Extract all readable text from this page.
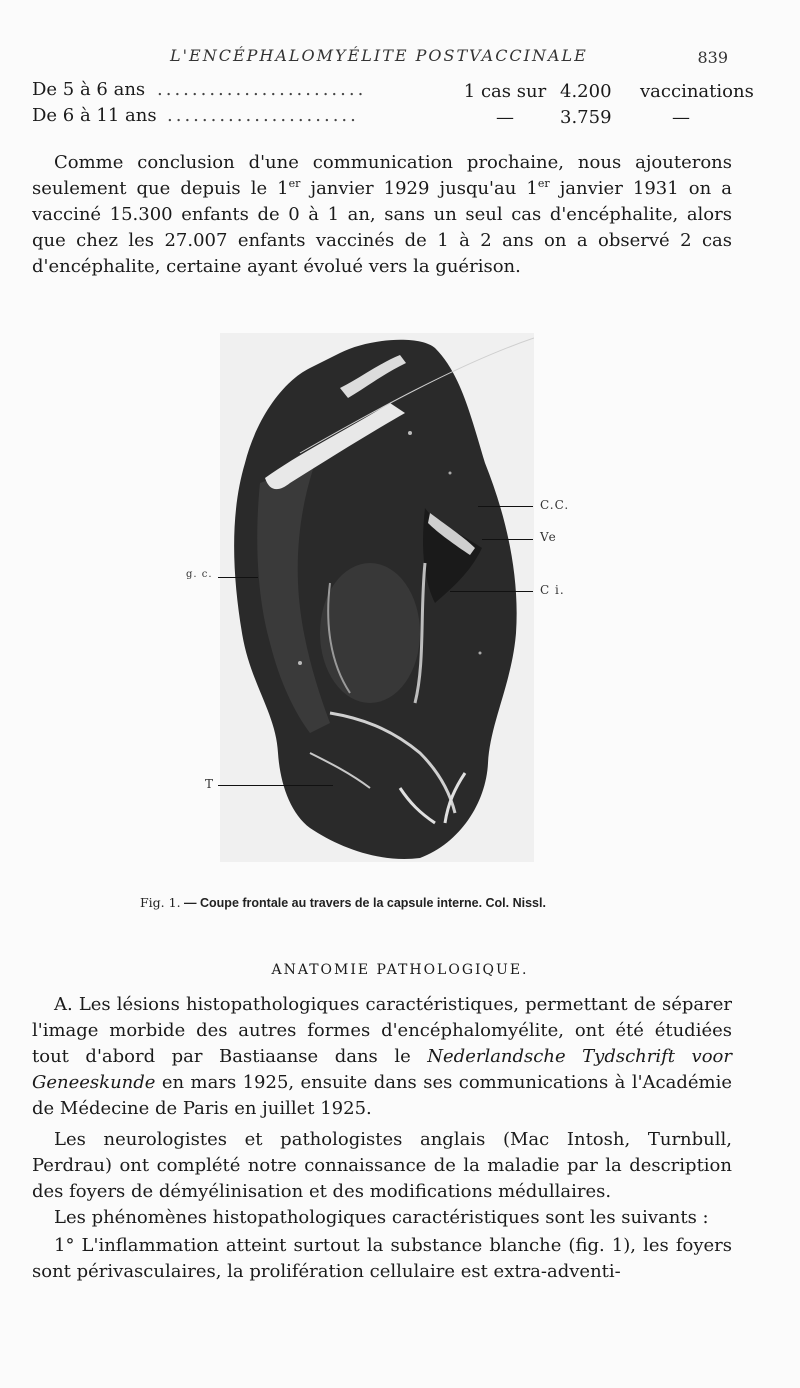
L'ENCÉPHALOMYÉLITE POSTVACCINALE	839
De 5 à 6 ans ........................	1 cas sur 4.200	vaccinations
De 6 à 11 ans ......................	—	3.759	—

Comme conclusion d'une communication prochaine, nous ajouterons seulement que depuis le 1er janvier 1929 jusqu'au 1er janvier 1931 on a vacciné 15.300 enfants de 0 à 1 an, sans un seul cas d'encéphalite, alors que chez les 27.007 enfants vaccinés de 1 à 2 ans on a observé 2 cas d'encéphalite, certaine ayant évolué vers la guérison.

C.C.
Ve
C i.
g. c.
T
Fig. 1. — Coupe frontale au travers de la capsule interne. Col. Nissl.
ANATOMIE PATHOLOGIQUE.

A. Les lésions histopathologiques caractéristiques, permettant de séparer l'image morbide des autres formes d'encéphalomyélite, ont été étudiées tout d'abord par Bastiaanse dans le Nederlandsche Tydschrift voor Geneeskunde en mars 1925, ensuite dans ses communications à l'Académie de Médecine de Paris en juillet 1925.

Les neurologistes et pathologistes anglais (Mac Intosh, Turnbull, Perdrau) ont complété notre connaissance de la maladie par la description des foyers de démyélinisation et des modifications médullaires.

Les phénomènes histopathologiques caractéristiques sont les suivants :

1° L'inflammation atteint surtout la substance blanche (fig. 1), les foyers sont périvasculaires, la prolifération cellulaire est extra-adventi-
